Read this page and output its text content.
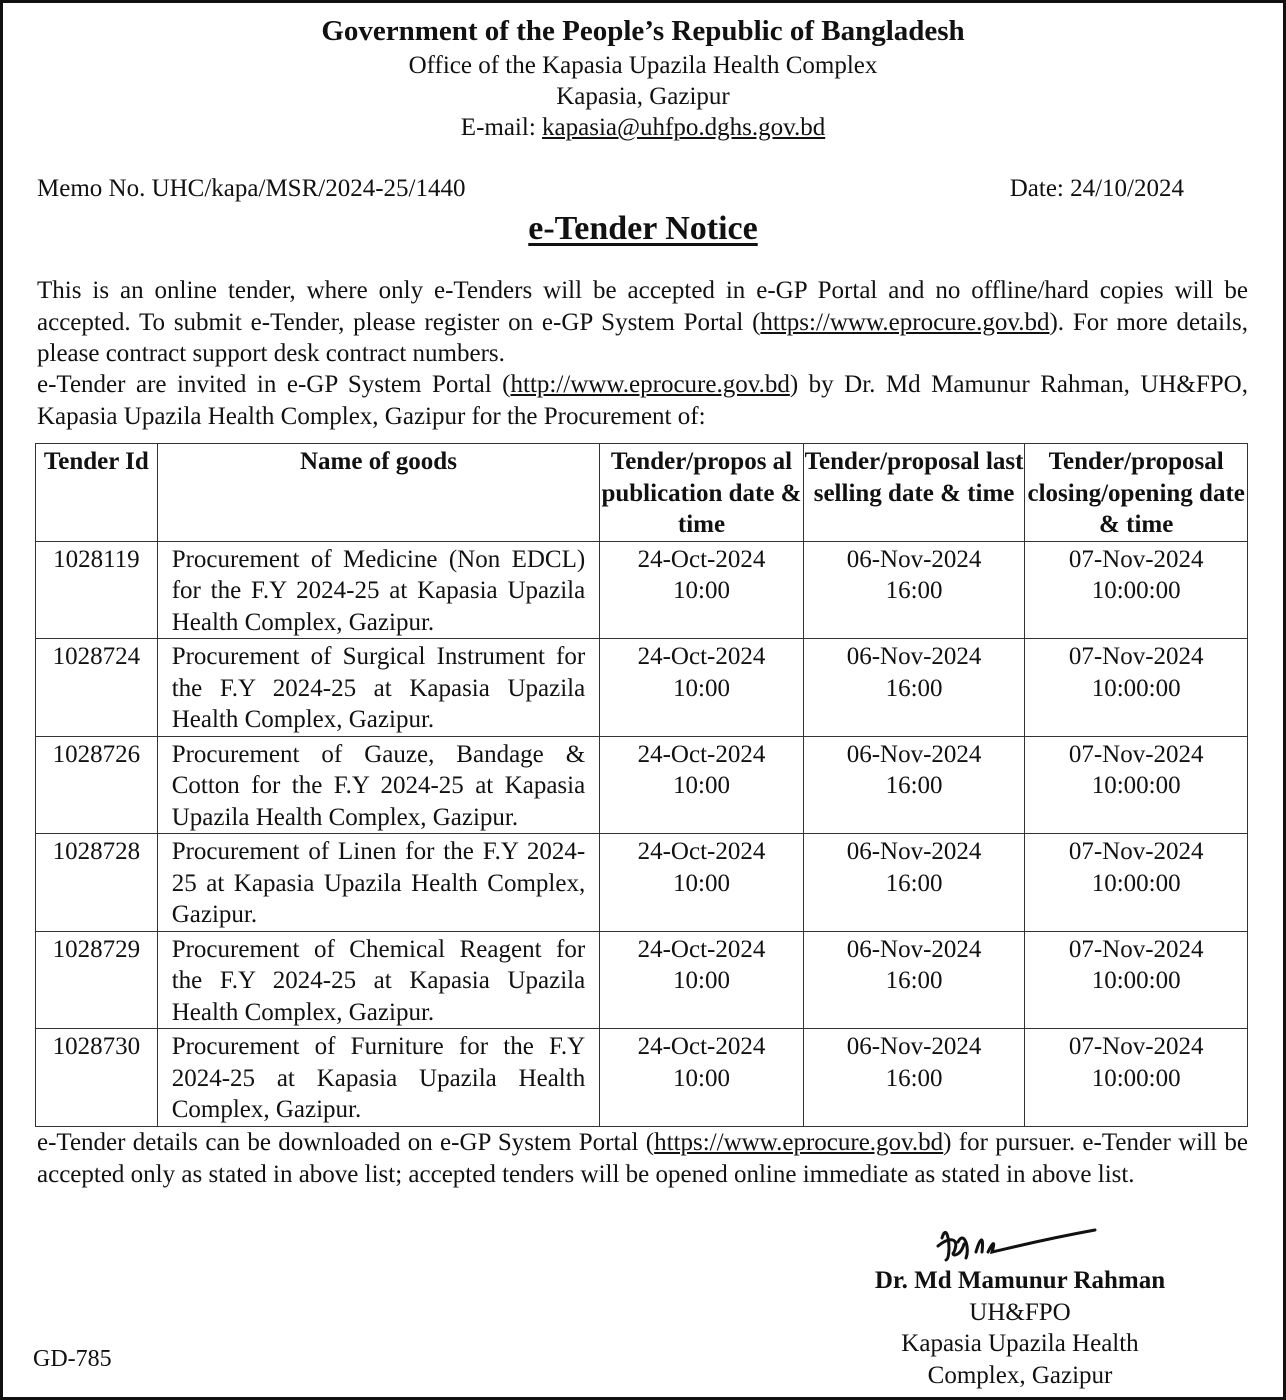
Government of the People’s Republic of Bangladesh
Office of the Kapasia Upazila Health Complex
Kapasia, Gazipur
E-mail: kapasia@uhfpo.dghs.gov.bd
Memo No. UHC/kapa/MSR/2024-25/1440	Date: 24/10/2024
e-Tender Notice
This is an online tender, where only e-Tenders will be accepted in e-GP Portal and no offline/hard copies will be accepted. To submit e-Tender, please register on e-GP System Portal (https://www.eprocure.gov.bd). For more details, please contract support desk contract numbers.
e-Tender are invited in e-GP System Portal (http://www.eprocure.gov.bd) by Dr. Md Mamunur Rahman, UH&FPO, Kapasia Upazila Health Complex, Gazipur for the Procurement of:
Tender Id	Name of goods	Tender/propos al publication date & time	Tender/proposal last selling date & time	Tender/proposal closing/opening date & time

1028119	Procurement of Medicine (Non EDCL) for the F.Y 2024-25 at Kapasia Upazila Health Complex, Gazipur.

24-Oct-2024
10:00

06-Nov-2024
16:00

07-Nov-2024
10:00:00

1028724	Procurement of Surgical Instrument for the F.Y 2024-25 at Kapasia Upazila Health Complex, Gazipur.

24-Oct-2024
10:00

06-Nov-2024
16:00

07-Nov-2024
10:00:00

1028726	Procurement of Gauze, Bandage & Cotton for the F.Y 2024-25 at Kapasia Upazila Health Complex, Gazipur.

24-Oct-2024
10:00

06-Nov-2024
16:00

07-Nov-2024
10:00:00

1028728	Procurement of Linen for the F.Y 2024-25 at Kapasia Upazila Health Complex, Gazipur.

24-Oct-2024
10:00

06-Nov-2024
16:00

07-Nov-2024
10:00:00

1028729	Procurement of Chemical Reagent for the F.Y 2024-25 at Kapasia Upazila Health Complex, Gazipur.

24-Oct-2024
10:00

06-Nov-2024
16:00

07-Nov-2024
10:00:00

1028730	Procurement of Furniture for the F.Y 2024-25 at Kapasia Upazila Health Complex, Gazipur.

24-Oct-2024
10:00

06-Nov-2024
16:00

07-Nov-2024
10:00:00
e-Tender details can be downloaded on e-GP System Portal (https://www.eprocure.gov.bd) for pursuer. e-Tender will be accepted only as stated in above list; accepted tenders will be opened online immediate as stated in above list.
Dr. Md Mamunur Rahman
UH&FPO
Kapasia Upazila Health
Complex, Gazipur
GD-785
